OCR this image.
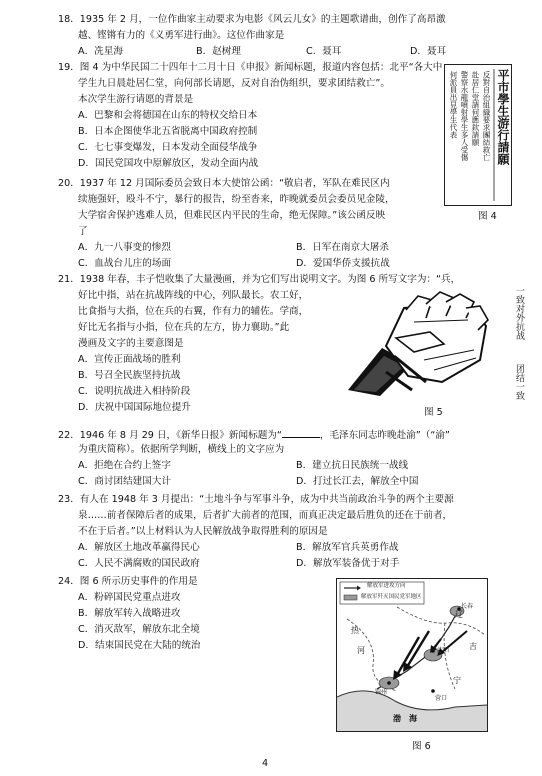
18．1935 年 2 月，一位作曲家主动要求为电影《风云儿女》的主题歌谱曲，创作了高昂激
越、铿锵有力的《义勇军进行曲》。这位作曲家是
A．冼星海	B．赵树理	C．聂耳	D．聂耳
19．图 4 为中华民国二十四年十二月十日《申报》新闻标题，报道内容包括：北平“各大中
学生九日晨赴居仁堂，向何部长请愿，反对自治伪组织，要求团结救亡”。
本次学生游行请愿的背景是
A．巴黎和会将德国在山东的特权交给日本
B．日本企图使华北五省脱离中国政府控制
C．七七事变爆发，日本发动全面侵华战争
D．国民党国攻中原解放区，发动全面内战	平市學生游行請願
反對自治組織要求團結救亡
赴居仁堂請何應欽請願
警察水龍噴射學生多人受傷
何派員出見學生代表
图 4
20．1937 年 12 月国际委员会致日本大使馆公函：“敬启者，军队在难民区内
续施强奸，殴斗不宁，暴行的报告，纷至沓来，昨晚就委员会委员见金陵，
大学宿舍保护逃难人员，但难民区内平民的生命，绝无保障。”该公函反映
了
A．九一八事变的惨烈	B．日军在南京大屠杀
C．血战台儿庄的场面	D．爱国华侨支援抗战
21．1938 年春，丰子恺收集了大量漫画，并为它们写出说明文字。为图 6 所写文字为：“兵，
好比中指，站在抗战阵线的中心，列队最长。农工好，
比食指与大指，位在兵的右翼，作有力的辅佐。学商，
好比无名指与小指，位在兵的左方，协力襄助。”此
漫画及文字的主要意图是
A．宣传正面战场的胜利
B．号召全民族坚持抗战
C．说明抗战进入相持阶段
D．庆祝中国国际地位提升
一致对外抗战
团结一致
图 5
22．1946 年 8 月 29 日，《新华日报》新闻标题为“	，毛泽东同志昨晚赴渝”（“渝”
为重庆简称）。依据所学判断，横线上的文字应为
A．拒绝在合约上签字	B．建立抗日民族统一战线
C．商讨团结建国大计	D．打过长江去，解放全中国
23．有人在 1948 年 3 月提出：“土地斗争与军事斗争，成为中共当前政治斗争的两个主要源
泉……前者保障后者的成果，后者扩大前者的范围，而真正决定最后胜负的还在于前者，
不在于后者。”以上材料认为人民解放战争取得胜利的原因是
A．解放区土地改革赢得民心	B．解放军官兵英勇作战
C．人民不满腐败的国民政府	D．解放军装备优于对手
24．图 6 所示历史事件的作用是
A．粉碎国民党重点进攻
B．解放军转入战略进攻
C．消灭敌军，解放东北全境
D．结束国民党在大陆的统治
解放军进攻方向
解放军歼灭国民党军地区
辽
吉
长春
沈阳
锦州
营口
宁
热
河
渤 海
图 6
4
